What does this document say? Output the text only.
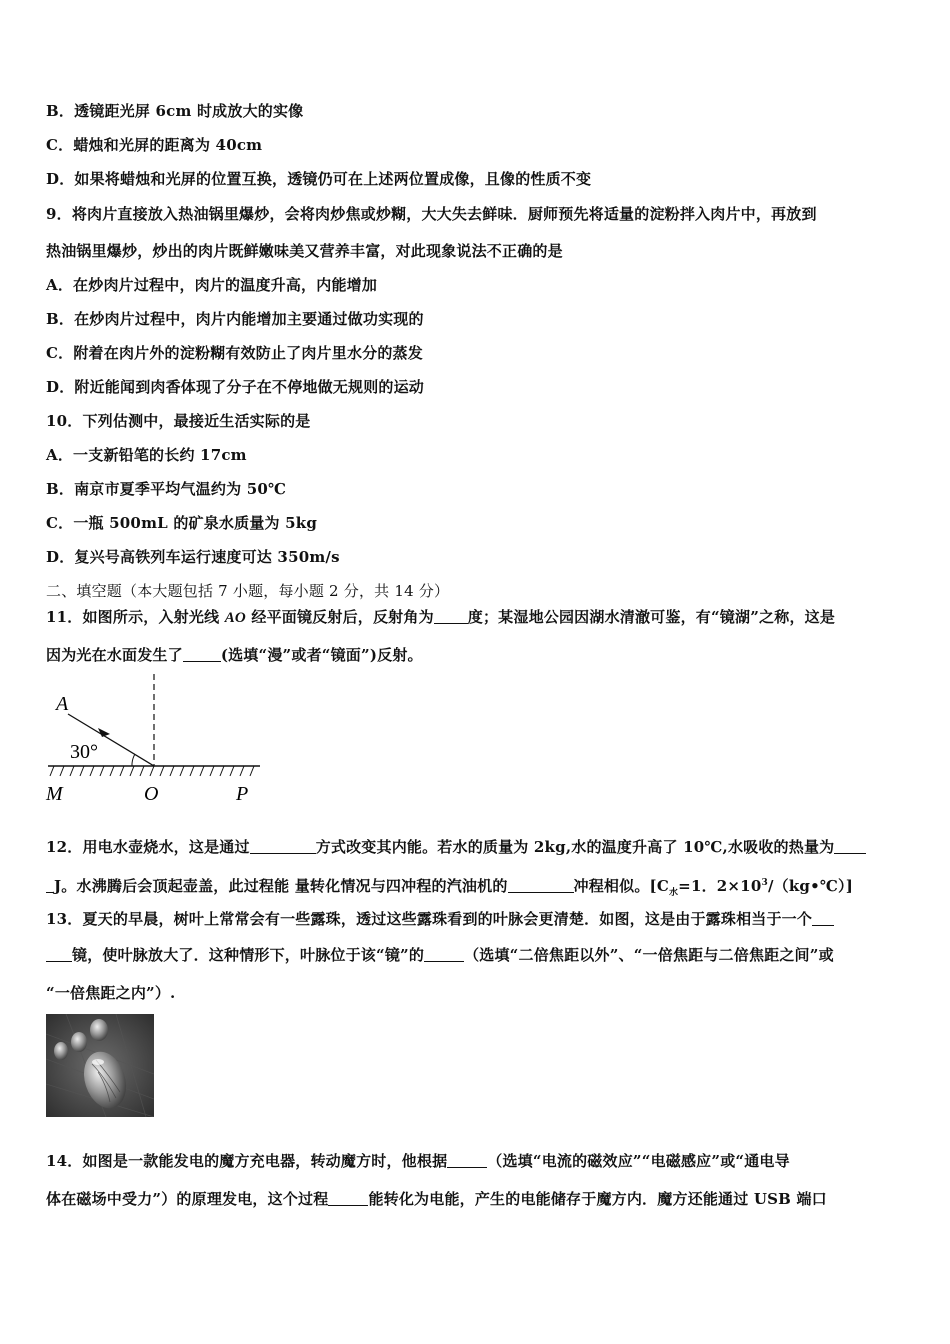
B．透镜距光屏 6cm 时成放大的实像
C．蜡烛和光屏的距离为 40cm
D．如果将蜡烛和光屏的位置互换，透镜仍可在上述两位置成像，且像的性质不变
9．将肉片直接放入热油锅里爆炒，会将肉炒焦或炒糊，大大失去鲜味．厨师预先将适量的淀粉拌入肉片中，再放到
热油锅里爆炒，炒出的肉片既鲜嫩味美又营养丰富，对此现象说法不正确的是
A．在炒肉片过程中，肉片的温度升高，内能增加
B．在炒肉片过程中，肉片内能增加主要通过做功实现的
C．附着在肉片外的淀粉糊有效防止了肉片里水分的蒸发
D．附近能闻到肉香体现了分子在不停地做无规则的运动
10．下列估测中，最接近生活实际的是
A．一支新铅笔的长约 17cm
B．南京市夏季平均气温约为 50℃
C．一瓶 500mL 的矿泉水质量为 5kg
D．复兴号高铁列车运行速度可达 350m/s
二、填空题（本大题包括 7 小题，每小题 2 分，共 14 分）
11．如图所示，入射光线 AO 经平面镜反射后，反射角为 度；某湿地公园因湖水清澈可鉴，有“镜湖”之称，这是
因为光在水面发生了	(选填“漫”或者“镜面”)反射。
A
30°
M	O	P
12．用电水壶烧水，这是通过	方式改变其内能。若水的质量为 2kg,水的温度升高了 10℃,水吸收的热量为
J。水沸腾后会顶起壶盖，此过程能 量转化情况与四冲程的汽油机的	冲程相似。[$C_水=1$．$2\times 10^3/(kg•℃)$]
13．夏天的早晨，树叶上常常会有一些露珠，透过这些露珠看到的叶脉会更清楚．如图，这是由于露珠相当于一个
镜，使叶脉放大了．这种情形下，叶脉位于该“镜”的	（选填“二倍焦距以外”、“一倍焦距与二倍焦距之间”或
“一倍焦距之内”）.
14．如图是一款能发电的魔方充电器，转动魔方时，他根据	（选填“电流的磁效应”“电磁感应”或“通电导
体在磁场中受力”）的原理发电，这个过程	能转化为电能，产生的电能储存于魔方内．魔方还能通过 USB 端口
